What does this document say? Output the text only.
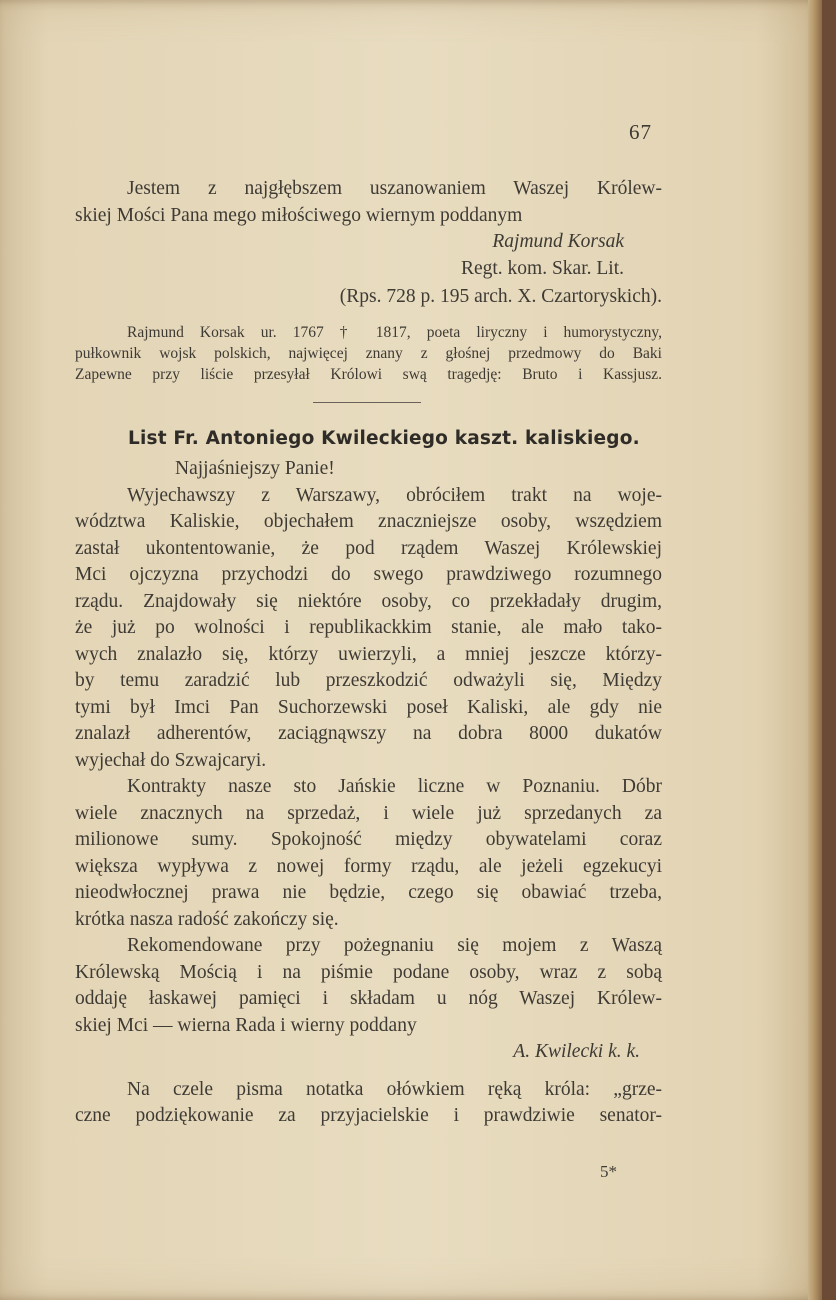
67
Jestem z najgłębszem uszanowaniem Waszej Królew-
skiej Mości Pana mego miłościwego wiernym poddanym
Rajmund Korsak
Regt. kom. Skar. Lit.
(Rps. 728 p. 195 arch. X. Czartoryskich).
Rajmund Korsak ur. 1767 † 1817, poeta liryczny i humorystyczny,
pułkownik wojsk polskich, najwięcej znany z głośnej przedmowy do Baki
Zapewne przy liście przesyłał Królowi swą tragedję: Bruto i Kassjusz.
List Fr. Antoniego Kwileckiego kaszt. kaliskiego.
Najjaśniejszy Panie!
Wyjechawszy z Warszawy, obróciłem trakt na woje-
wództwa Kaliskie, objechałem znaczniejsze osoby, wszędziem
zastał ukontentowanie, że pod rządem Waszej Królewskiej
Mci ojczyzna przychodzi do swego prawdziwego rozumnego
rządu. Znajdowały się niektóre osoby, co przekładały drugim,
że już po wolności i republikackkim stanie, ale mało tako-
wych znalazło się, którzy uwierzyli, a mniej jeszcze którzy-
by temu zaradzić lub przeszkodzić odważyli się, Między
tymi był Imci Pan Suchorzewski poseł Kaliski, ale gdy nie
znalazł adherentów, zaciągnąwszy na dobra 8000 dukatów
wyjechał do Szwajcaryi.
Kontrakty nasze sto Jańskie liczne w Poznaniu. Dóbr
wiele znacznych na sprzedaż, i wiele już sprzedanych za
milionowe sumy. Spokojność między obywatelami coraz
większa wypływa z nowej formy rządu, ale jeżeli egzekucyi
nieodwłocznej prawa nie będzie, czego się obawiać trzeba,
krótka nasza radość zakończy się.
Rekomendowane przy pożegnaniu się mojem z Waszą
Królewską Mością i na piśmie podane osoby, wraz z sobą
oddaję łaskawej pamięci i składam u nóg Waszej Królew-
skiej Mci — wierna Rada i wierny poddany
A. Kwilecki k. k.
Na czele pisma notatka ołówkiem ręką króla: „grze-
czne podziękowanie za przyjacielskie i prawdziwie senator-
5*
